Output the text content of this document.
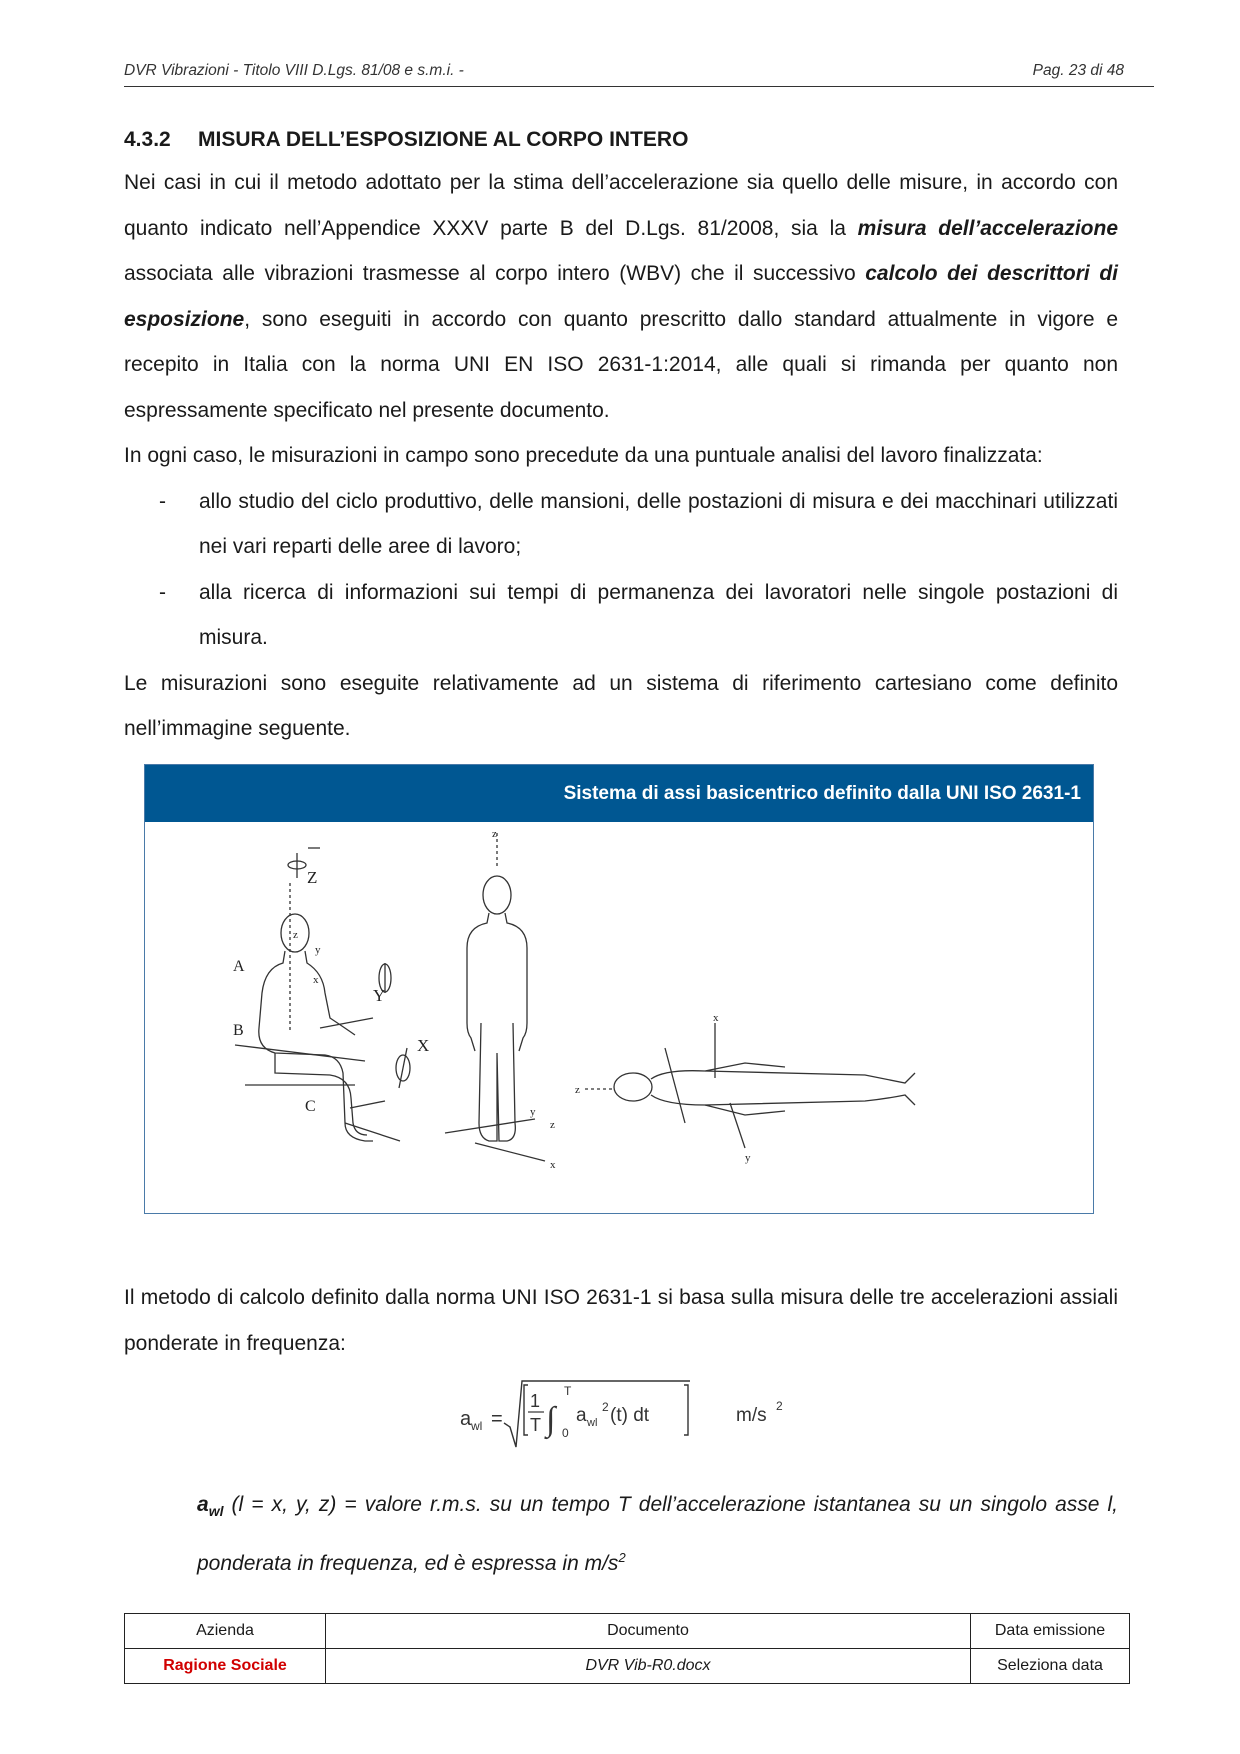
DVR Vibrazioni - Titolo VIII D.Lgs. 81/08 e s.m.i. -	Pag. 23 di 48
4.3.2 MISURA DELL’ESPOSIZIONE AL CORPO INTERO

Nei casi in cui il metodo adottato per la stima dell’accelerazione sia quello delle misure, in accordo con quanto indicato nell’Appendice XXXV parte B del D.Lgs. 81/2008, sia la misura dell’accelerazione associata alle vibrazioni trasmesse al corpo intero (WBV) che il successivo calcolo dei descrittori di esposizione, sono eseguiti in accordo con quanto prescritto dallo standard attualmente in vigore e recepito in Italia con la norma UNI EN ISO 2631-1:2014, alle quali si rimanda per quanto non espressamente specificato nel presente documento.

In ogni caso, le misurazioni in campo sono precedute da una puntuale analisi del lavoro finalizzata:

- allo studio del ciclo produttivo, delle mansioni, delle postazioni di misura e dei macchinari utilizzati nei vari reparti delle aree di lavoro;
- alla ricerca di informazioni sui tempi di permanenza dei lavoratori nelle singole postazioni di misura.

Le misurazioni sono eseguite relativamente ad un sistema di riferimento cartesiano come definito nell’immagine seguente.

Sistema di assi basicentrico definito dalla UNI ISO 2631-1
Z
Y
X
A
B
C
y
x
z
z
x
y
z
x
z
y

Il metodo di calcolo definito dalla norma UNI ISO 2631-1 si basa sulla misura delle tre accelerazioni assiali ponderate in frequenza:

a wl =
1
T ∫
T
0
a wl
2 (t) dt	m/s 2
$a_{wl}$ (l = x, y, z) = valore r.m.s. su un tempo T dell’accelerazione istantanea su un singolo asse l, ponderata in frequenza, ed è espressa in $m/s^2$
Azienda	Documento	Data emissione
Ragione Sociale	DVR Vib-R0.docx	Seleziona data
